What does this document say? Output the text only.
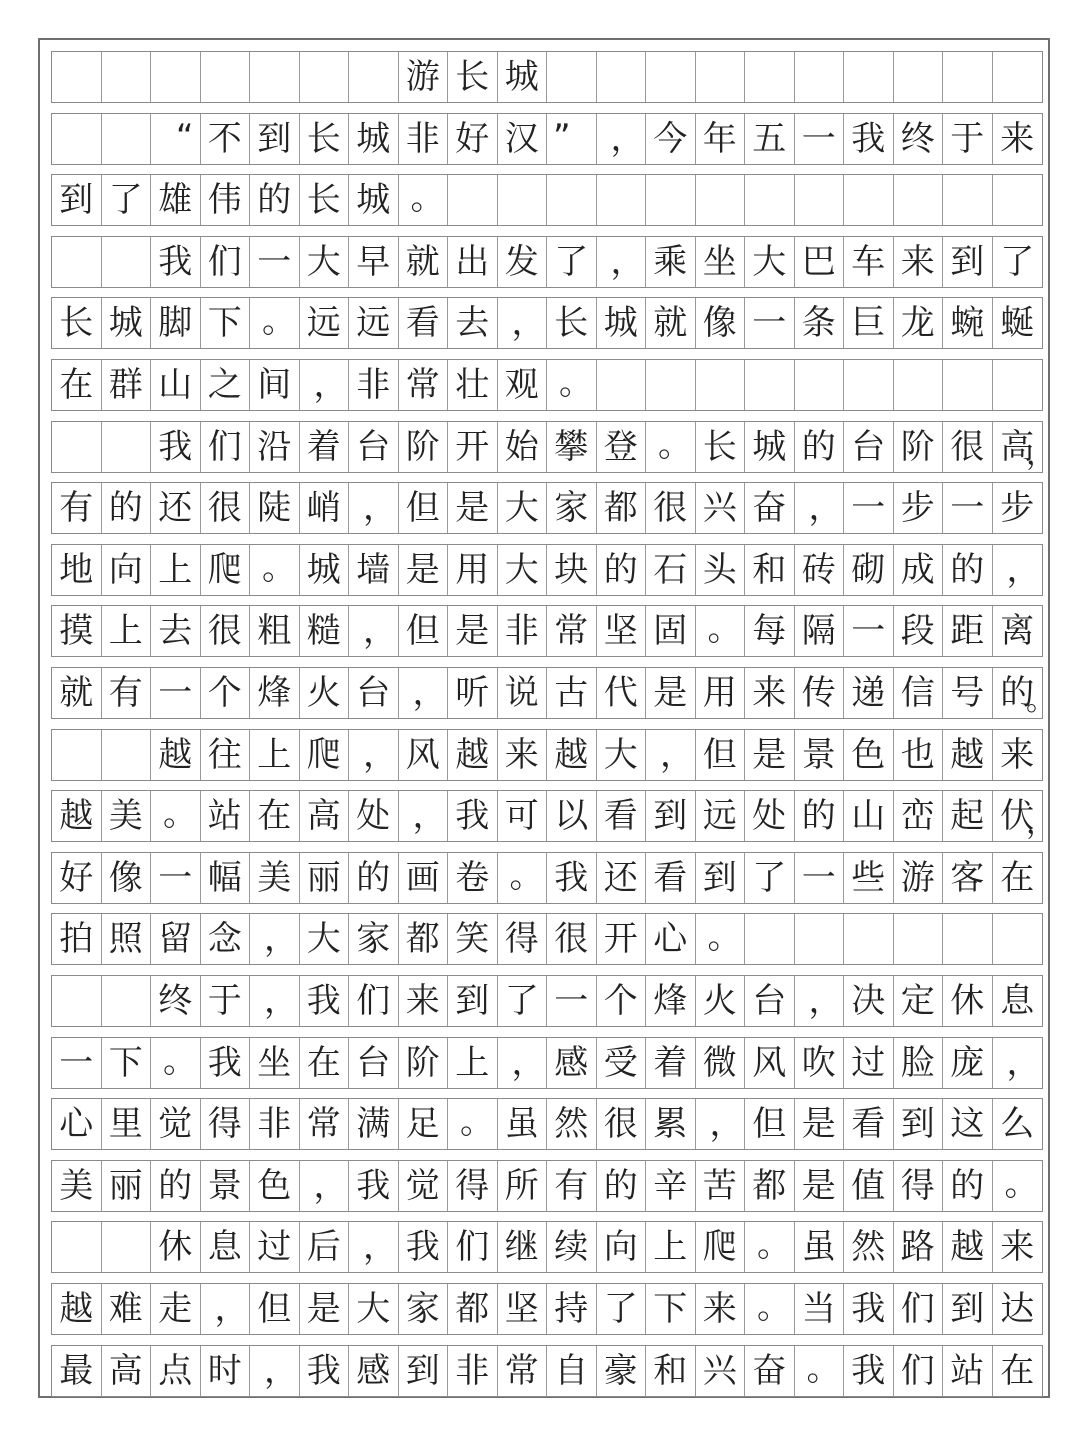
游 长 城
“ 不 到 长 城 非 好 汉 ”	， 今 年 五 一 我 终 于 来
到 了 雄 伟 的 长 城 。
我 们 一 大 早 就 出 发 了 ， 乘 坐 大 巴 车 来 到 了
长 城 脚 下 。 远 远 看 去 ， 长 城 就 像 一 条 巨 龙 蜿 蜒
在 群 山 之 间 ， 非 常 壮 观 。
我 们 沿 着 台 阶 开 始 攀 登 。 长 城 的 台 阶 很 高
，
有 的 还 很 陡 峭 ， 但 是 大 家 都 很 兴 奋 ， 一 步 一 步
地 向 上 爬 。 城 墙 是 用 大 块 的 石 头 和 砖 砌 成 的 ，
摸 上 去 很 粗 糙 ， 但 是 非 常 坚 固 。 每 隔 一 段 距 离
就 有 一 个 烽 火 台 ， 听 说 古 代 是 用 来 传 递 信 号 的
。
越 往 上 爬 ， 风 越 来 越 大 ， 但 是 景 色 也 越 来
越 美 。 站 在 高 处 ， 我 可 以 看 到 远 处 的 山 峦 起 伏
，
好 像 一 幅 美 丽 的 画 卷 。 我 还 看 到 了 一 些 游 客 在
拍 照 留 念 ， 大 家 都 笑 得 很 开 心 。
终 于 ， 我 们 来 到 了 一 个 烽 火 台 ， 决 定 休 息
一 下 。 我 坐 在 台 阶 上 ， 感 受 着 微 风 吹 过 脸 庞 ，
心 里 觉 得 非 常 满 足 。 虽 然 很 累 ， 但 是 看 到 这 么
美 丽 的 景 色 ， 我 觉 得 所 有 的 辛 苦 都 是 值 得 的 。
休 息 过 后 ， 我 们 继 续 向 上 爬 。 虽 然 路 越 来
越 难 走 ， 但 是 大 家 都 坚 持 了 下 来 。 当 我 们 到 达
最 高 点 时 ， 我 感 到 非 常 自 豪 和 兴 奋 。 我 们 站 在
